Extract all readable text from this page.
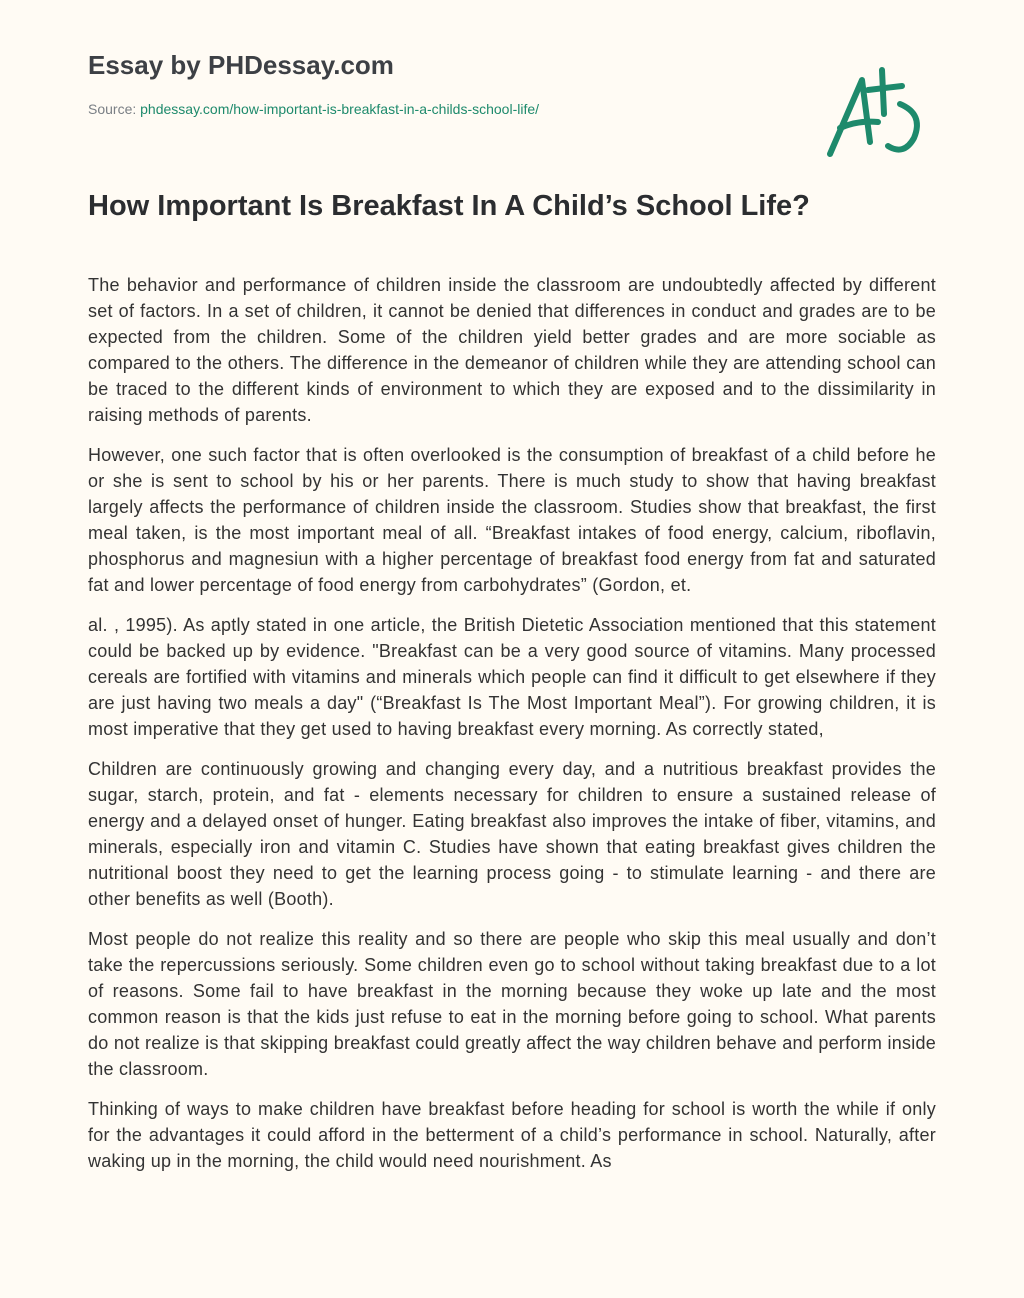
Essay by PHDessay.com
Source: phdessay.com/how-important-is-breakfast-in-a-childs-school-life/
How Important Is Breakfast In A Child’s School Life?

The behavior and performance of children inside the classroom are undoubtedly affected by different set of factors. In a set of children, it cannot be denied that differences in conduct and grades are to be expected from the children. Some of the children yield better grades and are more sociable as compared to the others. The difference in the demeanor of children while they are attending school can be traced to the different kinds of environment to which they are exposed and to the dissimilarity in raising methods of parents.

However, one such factor that is often overlooked is the consumption of breakfast of a child before he or she is sent to school by his or her parents. There is much study to show that having breakfast largely affects the performance of children inside the classroom. Studies show that breakfast, the first meal taken, is the most important meal of all. “Breakfast intakes of food energy, calcium, riboflavin, phosphorus and magnesiun with a higher percentage of breakfast food energy from fat and saturated fat and lower percentage of food energy from carbohydrates” (Gordon, et.

al. , 1995). As aptly stated in one article, the British Dietetic Association mentioned that this statement could be backed up by evidence. "Breakfast can be a very good source of vitamins. Many processed cereals are fortified with vitamins and minerals which people can find it difficult to get elsewhere if they are just having two meals a day" (“Breakfast Is The Most Important Meal”). For growing children, it is most imperative that they get used to having breakfast every morning. As correctly stated,

Children are continuously growing and changing every day, and a nutritious breakfast provides the sugar, starch, protein, and fat - elements necessary for children to ensure a sustained release of energy and a delayed onset of hunger. Eating breakfast also improves the intake of fiber, vitamins, and minerals, especially iron and vitamin C. Studies have shown that eating breakfast gives children the nutritional boost they need to get the learning process going - to stimulate learning - and there are other benefits as well (Booth).

Most people do not realize this reality and so there are people who skip this meal usually and don’t take the repercussions seriously. Some children even go to school without taking breakfast due to a lot of reasons. Some fail to have breakfast in the morning because they woke up late and the most common reason is that the kids just refuse to eat in the morning before going to school. What parents do not realize is that skipping breakfast could greatly affect the way children behave and perform inside the classroom.

Thinking of ways to make children have breakfast before heading for school is worth the while if only for the advantages it could afford in the betterment of a child’s performance in school. Naturally, after waking up in the morning, the child would need nourishment. As
